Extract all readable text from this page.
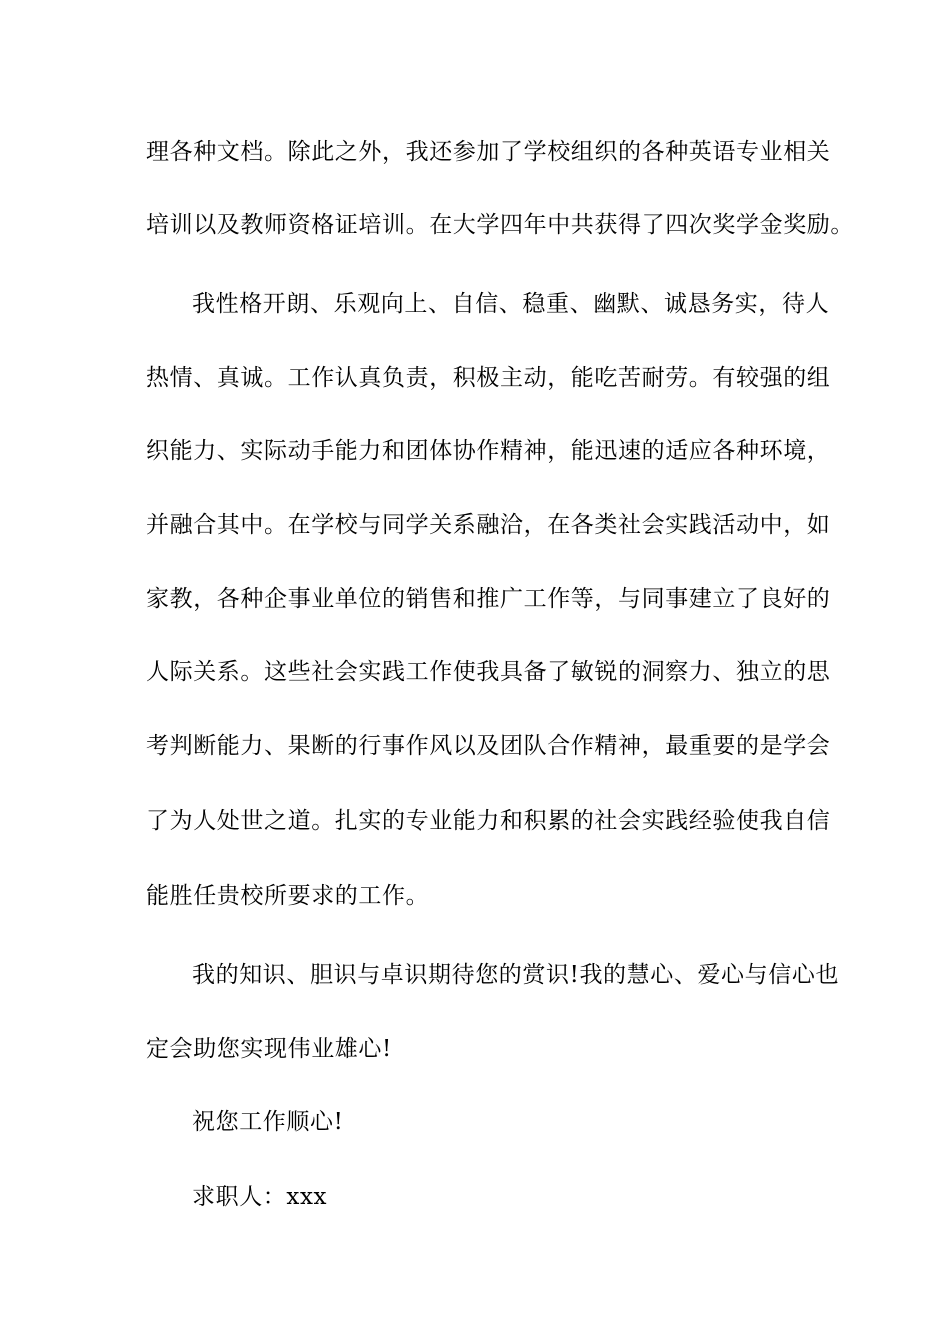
理各种文档。除此之外，我还参加了学校组织的各种英语专业相关
培训以及教师资格证培训。在大学四年中共获得了四次奖学金奖励。
我性格开朗、乐观向上、自信、稳重、幽默、诚恳务实，待人
热情、真诚。工作认真负责，积极主动，能吃苦耐劳。有较强的组
织能力、实际动手能力和团体协作精神，能迅速的适应各种环境，
并融合其中。在学校与同学关系融洽，在各类社会实践活动中，如
家教，各种企事业单位的销售和推广工作等，与同事建立了良好的
人际关系。这些社会实践工作使我具备了敏锐的洞察力、独立的思
考判断能力、果断的行事作风以及团队合作精神，最重要的是学会
了为人处世之道。扎实的专业能力和积累的社会实践经验使我自信
能胜任贵校所要求的工作。
我的知识、胆识与卓识期待您的赏识!我的慧心、爱心与信心也
定会助您实现伟业雄心!
祝您工作顺心!
求职人：xxx
